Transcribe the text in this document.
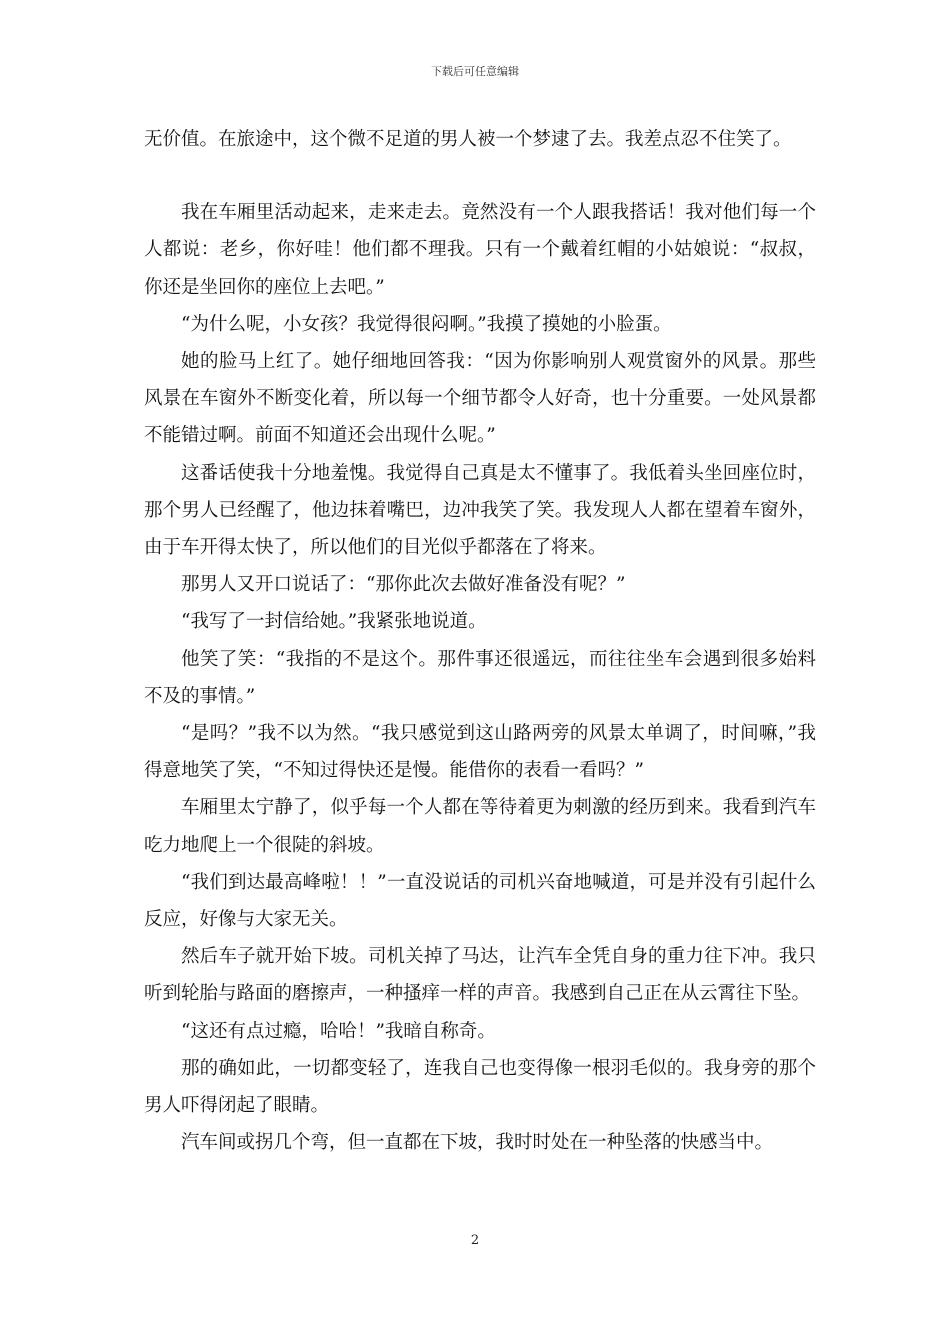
下载后可任意编辑

无价值。在旅途中，这个微不足道的男人被一个梦逮了去。我差点忍不住笑了。

我在车厢里活动起来，走来走去。竟然没有一个人跟我搭话！我对他们每一个人都说：老乡，你好哇！他们都不理我。只有一个戴着红帽的小姑娘说：“叔叔，你还是坐回你的座位上去吧。”

“为什么呢，小女孩？我觉得很闷啊。”我摸了摸她的小脸蛋。

她的脸马上红了。她仔细地回答我：“因为你影响别人观赏窗外的风景。那些风景在车窗外不断变化着，所以每一个细节都令人好奇，也十分重要。一处风景都不能错过啊。前面不知道还会出现什么呢。”

这番话使我十分地羞愧。我觉得自己真是太不懂事了。我低着头坐回座位时，那个男人已经醒了，他边抹着嘴巴，边冲我笑了笑。我发现人人都在望着车窗外，由于车开得太快了，所以他们的目光似乎都落在了将来。

那男人又开口说话了：“那你此次去做好准备没有呢？”

“我写了一封信给她。”我紧张地说道。

他笑了笑：“我指的不是这个。那件事还很遥远，而往往坐车会遇到很多始料不及的事情。”

“是吗？”我不以为然。“我只感觉到这山路两旁的风景太单调了，时间嘛，”我得意地笑了笑，“不知过得快还是慢。能借你的表看一看吗？”

车厢里太宁静了，似乎每一个人都在等待着更为刺激的经历到来。我看到汽车吃力地爬上一个很陡的斜坡。

“我们到达最高峰啦！！”一直没说话的司机兴奋地喊道，可是并没有引起什么反应，好像与大家无关。

然后车子就开始下坡。司机关掉了马达，让汽车全凭自身的重力往下冲。我只听到轮胎与路面的磨擦声，一种搔痒一样的声音。我感到自己正在从云霄往下坠。

“这还有点过瘾，哈哈！”我暗自称奇。

那的确如此，一切都变轻了，连我自己也变得像一根羽毛似的。我身旁的那个男人吓得闭起了眼睛。

汽车间或拐几个弯，但一直都在下坡，我时时处在一种坠落的快感当中。

2
